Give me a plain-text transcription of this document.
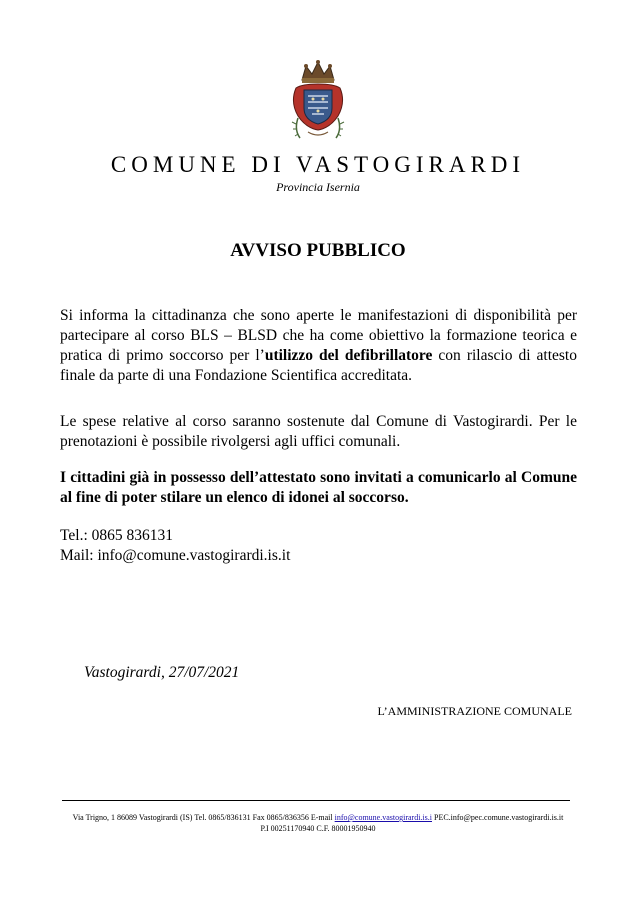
COMUNE DI VASTOGIRARDI
Provincia Isernia
AVVISO PUBBLICO
Si informa la cittadinanza che sono aperte le manifestazioni di disponibilità per partecipare al corso BLS – BLSD che ha come obiettivo la formazione teorica e pratica di primo soccorso per l’utilizzo del defibrillatore con rilascio di attesto finale da parte di una Fondazione Scientifica accreditata.
Le spese relative al corso saranno sostenute dal Comune di Vastogirardi. Per le prenotazioni è possibile rivolgersi agli uffici comunali.
I cittadini già in possesso dell’attestato sono invitati a comunicarlo al Comune al fine di poter stilare un elenco di idonei al soccorso.
Tel.: 0865 836131
Mail: info@comune.vastogirardi.is.it
Vastogirardi, 27/07/2021
L’AMMINISTRAZIONE COMUNALE
Via Trigno, 1 86089 Vastogirardi (IS) Tel. 0865/836131 Fax 0865/836356 E-mail info@comune.vastogirardi.is.i PEC.info@pec.comune.vastogirardi.is.it
P.I 00251170940 C.F. 80001950940
